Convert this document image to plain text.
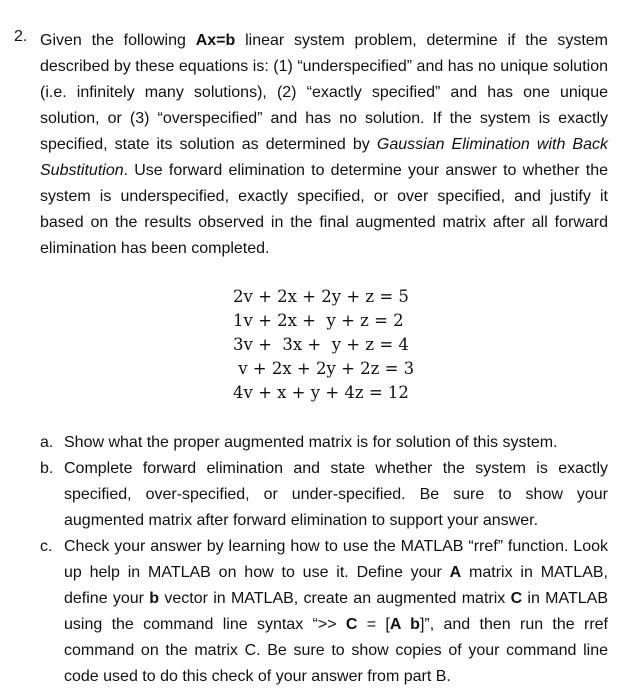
2. Given the following Ax=b linear system problem, determine if the system described by these equations is: (1) “underspecified” and has no unique solution (i.e. infinitely many solutions), (2) “exactly specified” and has one unique solution, or (3) “overspecified” and has no solution. If the system is exactly specified, state its solution as determined by Gaussian Elimination with Back Substitution. Use forward elimination to determine your answer to whether the system is underspecified, exactly specified, or over specified, and justify it based on the results observed in the final augmented matrix after all forward elimination has been completed.
2v + 2x + 2y + z = 5
1v + 2x +  y + z = 2
3v +  3x +  y + z = 4
v + 2x + 2y + 2z = 3
4v + x + y + 4z = 12
a. Show what the proper augmented matrix is for solution of this system.
b. Complete forward elimination and state whether the system is exactly specified, over-specified, or under-specified. Be sure to show your augmented matrix after forward elimination to support your answer.
c. Check your answer by learning how to use the MATLAB “rref” function. Look up help in MATLAB on how to use it. Define your A matrix in MATLAB, define your b vector in MATLAB, create an augmented matrix C in MATLAB using the command line syntax “>> C = [A b]”, and then run the rref command on the matrix C. Be sure to show copies of your command line code used to do this check of your answer from part B.
